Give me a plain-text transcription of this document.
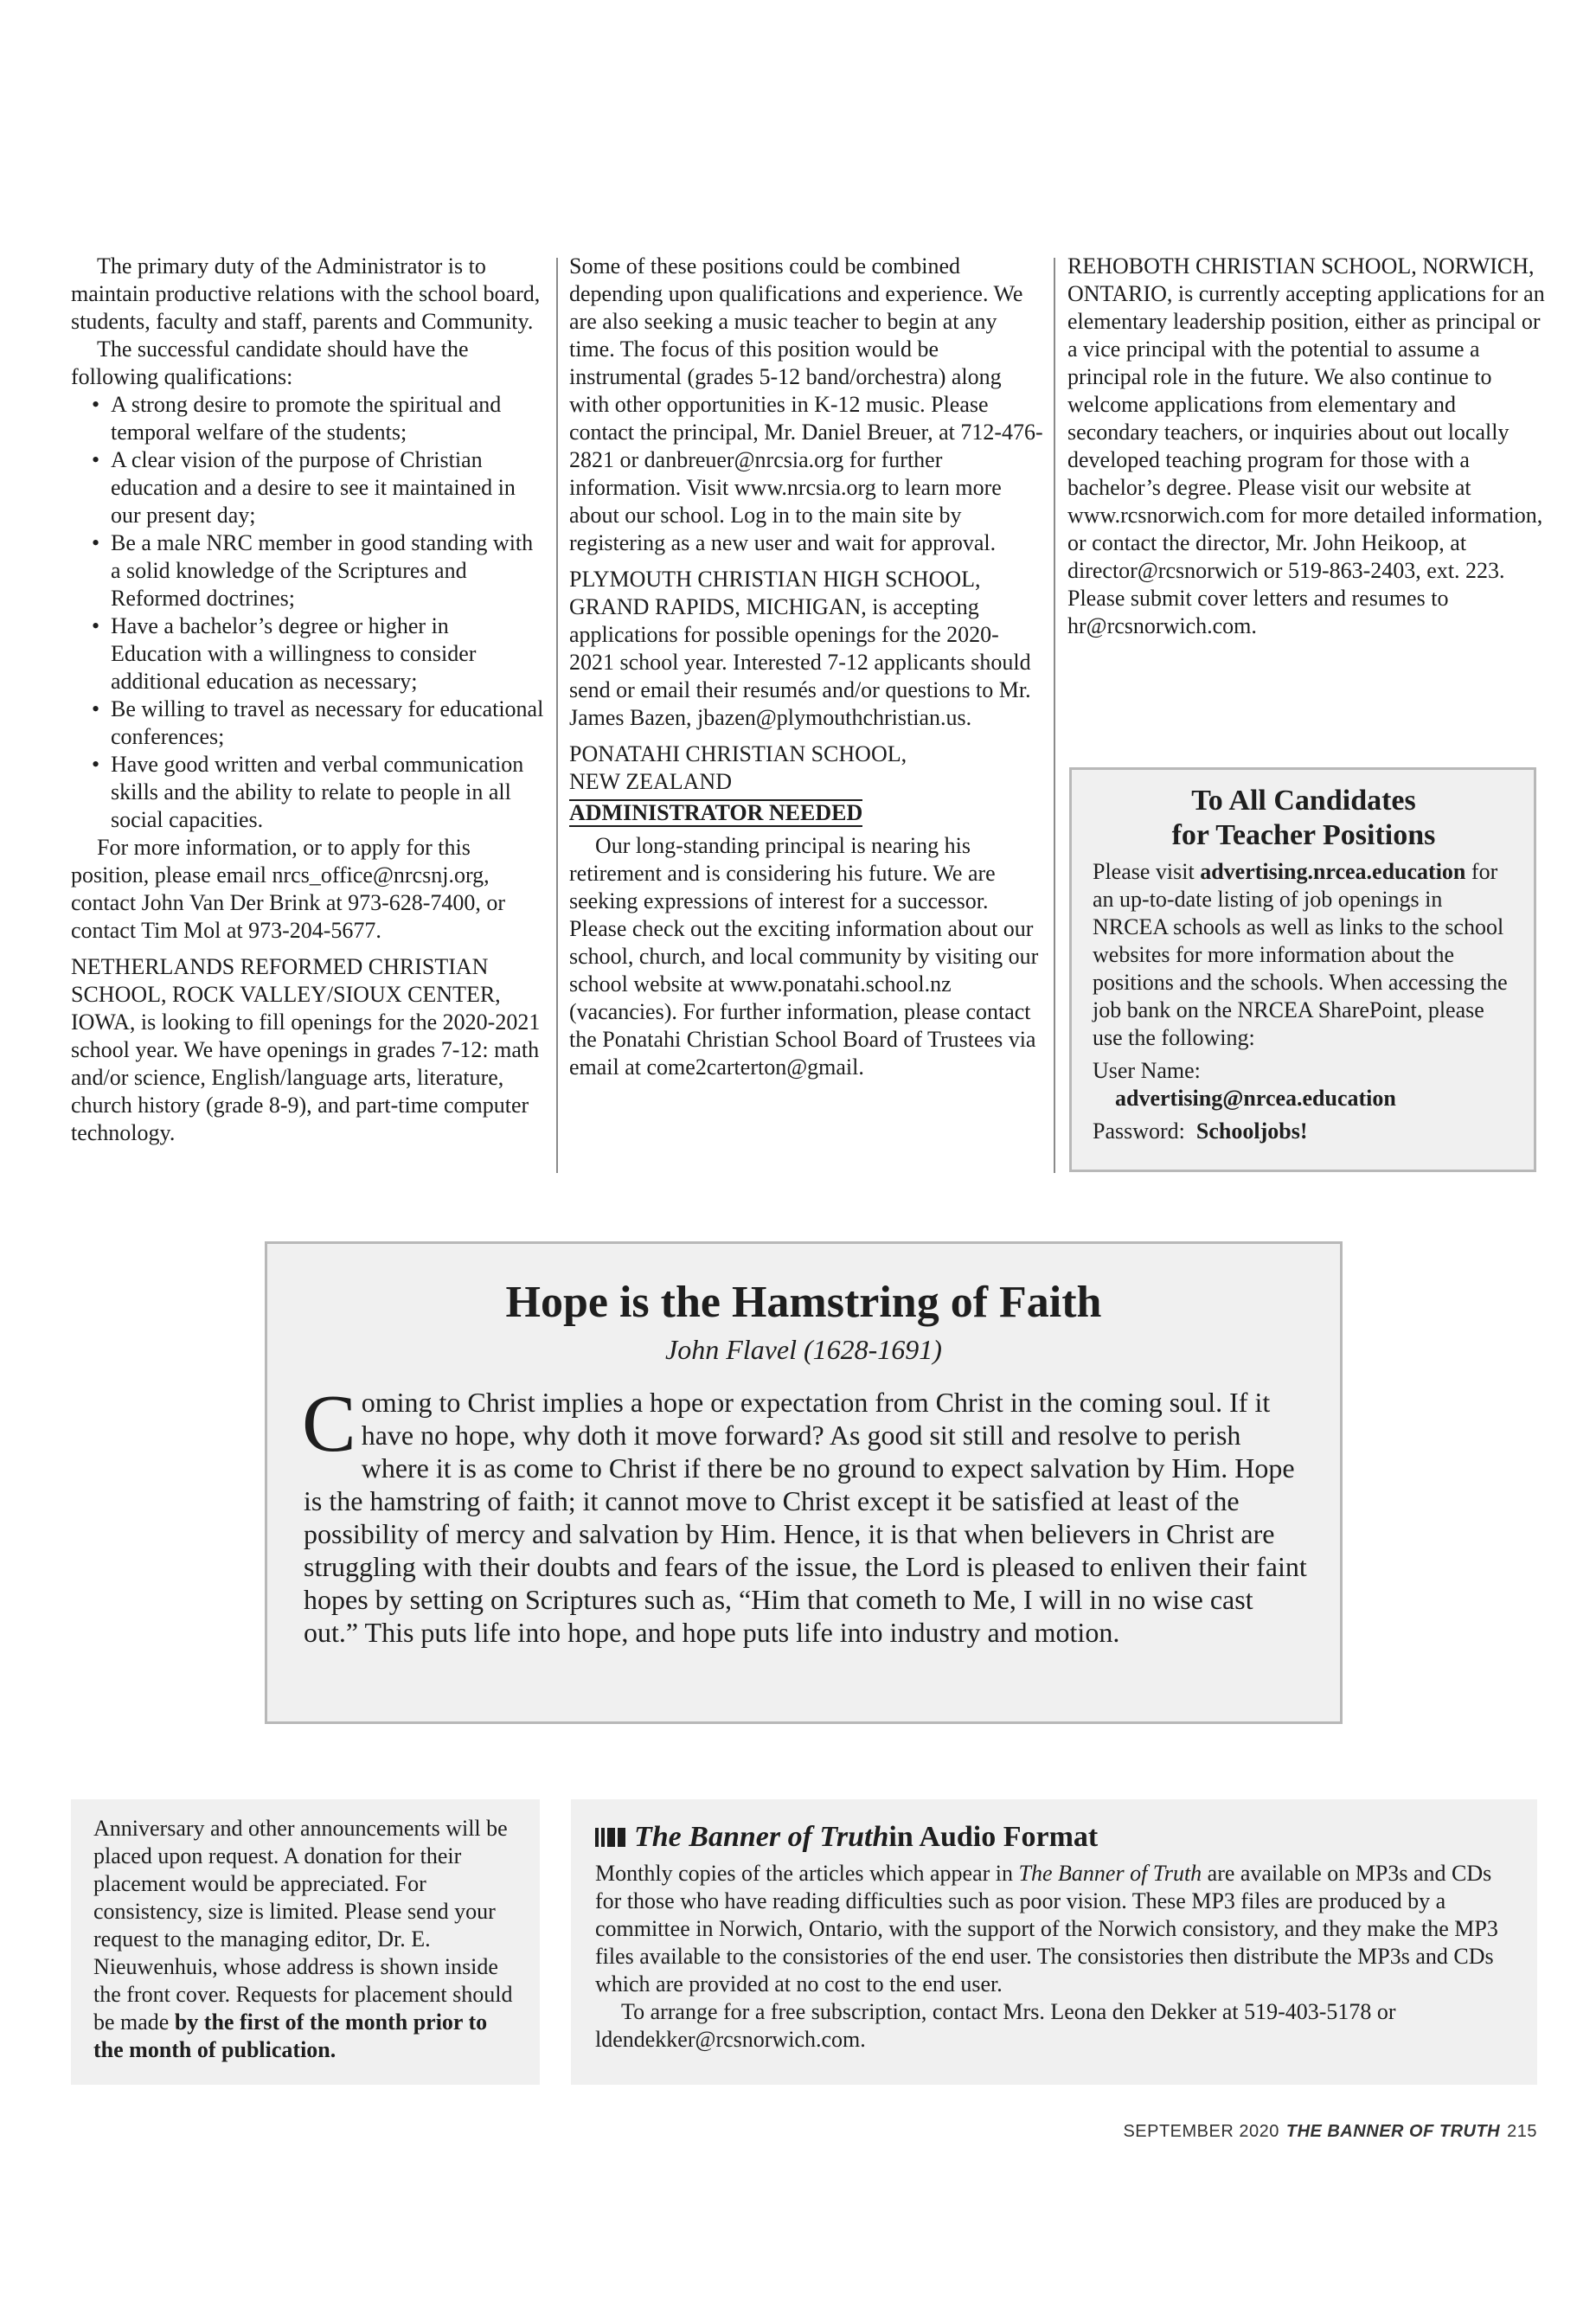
The primary duty of the Administrator is to maintain productive relations with the school board, students, faculty and staff, parents and Community.

The successful candidate should have the following qualifications:

• A strong desire to promote the spiritual and temporal welfare of the students;
• A clear vision of the purpose of Christian education and a desire to see it maintained in our present day;
• Be a male NRC member in good standing with a solid knowledge of the Scriptures and Reformed doctrines;
• Have a bachelor’s degree or higher in Education with a willingness to consider additional education as necessary;
• Be willing to travel as necessary for educational conferences;
• Have good written and verbal communication skills and the ability to relate to people in all social capacities.

For more information, or to apply for this position, please email nrcs_office@nrcsnj.org, contact John Van Der Brink at 973-628-7400, or contact Tim Mol at 973-204-5677.

NETHERLANDS REFORMED CHRISTIAN SCHOOL, ROCK VALLEY/SIOUX CENTER, IOWA, is looking to fill openings for the 2020-2021 school year. We have openings in grades 7-12: math and/or science, English/language arts, literature, church history (grade 8-9), and part-time computer technology.

Some of these positions could be combined depending upon qualifications and experience. We are also seeking a music teacher to begin at any time. The focus of this position would be instrumental (grades 5-12 band/orchestra) along with other opportunities in K-12 music. Please contact the principal, Mr. Daniel Breuer, at 712-476-2821 or danbreuer@nrcsia.org for further information. Visit www.nrcsia.org to learn more about our school. Log in to the main site by registering as a new user and wait for approval.

PLYMOUTH CHRISTIAN HIGH SCHOOL, GRAND RAPIDS, MICHIGAN, is accepting applications for possible openings for the 2020-2021 school year. Interested 7-12 applicants should send or email their resumés and/or questions to Mr. James Bazen, jbazen@plymouthchristian.us.

PONATAHI CHRISTIAN SCHOOL,

NEW ZEALAND

ADMINISTRATOR NEEDED

Our long-standing principal is nearing his retirement and is considering his future. We are seeking expressions of interest for a successor. Please check out the exciting information about our school, church, and local community by visiting our school website at www.ponatahi.school.nz (vacancies). For further information, please contact the Ponatahi Christian School Board of Trustees via email at come2carterton@gmail.

REHOBOTH CHRISTIAN SCHOOL, NORWICH, ONTARIO, is currently accepting applications for an elementary leadership position, either as principal or a vice principal with the potential to assume a principal role in the future. We also continue to welcome applications from elementary and secondary teachers, or inquiries about out locally developed teaching program for those with a bachelor’s degree. Please visit our website at www.rcsnorwich.com for more detailed information, or contact the director, Mr. John Heikoop, at director@rcsnorwich or 519-863-2403, ext. 223. Please submit cover letters and resumes to hr@rcsnorwich.com.

To All Candidates
for Teacher Positions

Please visit advertising.nrcea.education for an up-to-date listing of job openings in NRCEA schools as well as links to the school websites for more information about the positions and the schools. When accessing the job bank on the NRCEA SharePoint, please use the following:

User Name:

advertising@nrcea.education

Password: Schooljobs!

Hope is the Hamstring of Faith
John Flavel (1628-1691)
Coming to Christ implies a hope or expectation from Christ in the coming soul. If it have no hope, why doth it move forward? As good sit still and resolve to perish where it is as come to Christ if there be no ground to expect salvation by Him. Hope is the hamstring of faith; it cannot move to Christ except it be satisfied at least of the possibility of mercy and salvation by Him. Hence, it is that when believers in Christ are struggling with their doubts and fears of the issue, the Lord is pleased to enliven their faint hopes by setting on Scriptures such as, “Him that cometh to Me, I will in no wise cast out.” This puts life into hope, and hope puts life into industry and motion.
Anniversary and other announcements will be placed upon request. A donation for their placement would be appreciated. For consistency, size is limited. Please send your request to the managing editor, Dr. E. Nieuwenhuis, whose address is shown inside the front cover. Requests for placement should be made by the first of the month prior to the month of publication.
The Banner of Truth in Audio Format

Monthly copies of the articles which appear in The Banner of Truth are available on MP3s and CDs for those who have reading difficulties such as poor vision. These MP3 files are produced by a committee in Norwich, Ontario, with the support of the Norwich consistory, and they make the MP3 files available to the consistories of the end user. The consistories then distribute the MP3s and CDs which are provided at no cost to the end user.

To arrange for a free subscription, contact Mrs. Leona den Dekker at 519-403-5178 or ldendekker@rcsnorwich.com.

SEPTEMBER 2020 THE BANNER OF TRUTH 215
